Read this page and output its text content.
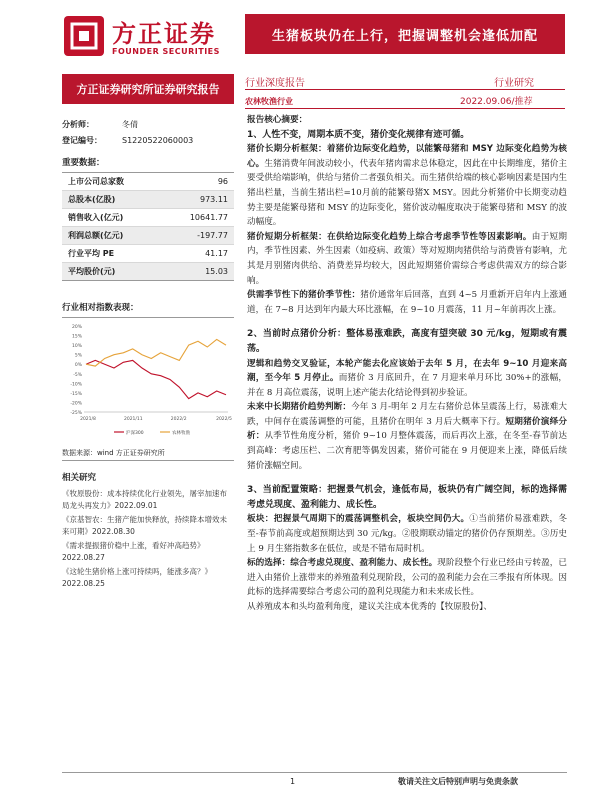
方正证券
FOUNDER SECURITIES
生猪板块仍在上行，把握调整机会逢低加配
方正证券研究所证券研究报告	行业深度报告	行业研究
农林牧渔行业	2022.09.06/推荐
分析师：	冬倩
登记编号：	S1220522060003
重要数据：
上市公司总家数	96
总股本(亿股)	973.11
销售收入(亿元)	10641.77
利润总额(亿元)	-197.77
行业平均 PE	41.17
平均股价(元)	15.03
行业相对指数表现：
20%
15%
10%
5%
0%
-5%
-10%
-15%
-20%
-25%
2021/8	2021/11	2022/2	2022/5
沪深300	农林牧渔
数据来源：wind 方正证券研究所
相关研究
《牧原股份：成本持续优化行业领先，屠宰加速布局龙头再发力》2022.09.01
《京基智农：生猪产能加快释放，持续降本增效未来可期》2022.08.30
《需求提振猪价稳中上涨，看好冲高趋势》2022.08.27
《这轮生猪价格上涨可持续吗，能涨多高？》2022.08.25

报告核心摘要：

1、人性不变，周期本质不变，猪价变化规律有迹可循。

猪价长期分析框架：着猪价边际变化趋势，以能繁母猪和 MSY 边际变化趋势为核心。生猪消费年间波动较小，代表年猪肉需求总体稳定，因此在中长期维度，猪价主要受供给端影响，供给与猪价二者强负相关。而生猪供给端的核心影响因素是国内生猪出栏量，当前生猪出栏=10月前的能繁母猪X MSY。因此分析猪价中长期变动趋势主要是能繁母猪和 MSY 的边际变化，猪价波动幅度取决于能繁母猪和 MSY 的波动幅度。

猪价短期分析框架：在供给边际变化趋势上综合考虑季节性等因素影响。由于短期内，季节性因素、外生因素（如疫病、政策）等对短期肉猪供给与消费皆有影响，尤其是月别猪肉供给、消费差异均较大，因此短期猪价需综合考虑供需双方的综合影响。

供需季节性下的猪价季节性：猪价通常年后回落，直到 4~5 月重新开启年内上涨通道，在 7~8 月达到年内最大环比涨幅，在 9~10 月震荡，11 月~年前再次上涨。

2、当前时点猪价分析：整体易涨难跌，高度有望突破 30 元/kg，短期或有震荡。

逻辑和趋势交叉验证，本轮产能去化应该始于去年 5 月，在去年 9~10 月迎来高潮，至今年 5 月停止。而猪价 3 月底回升，在 7 月迎来单月环比 30%+的涨幅，并在 8 月高位震荡，说明上述产能去化结论得到初步验证。

未来中长期猪价趋势判断：今年 3 月-明年 2 月左右猪价总体呈震荡上行，易涨难大跌，中间存在震荡调整的可能，且猪价在明年 3 月后大概率下行。短期猪价演绎分析：从季节性角度分析，猪价 9~10 月整体震荡，而后再次上涨，在冬至-春节前达到高峰：考虑压栏、二次育肥等偶发因素，猪价可能在 9 月便迎来上涨，降低后续猪价涨幅空间。

3、当前配置策略：把握景气机会，逢低布局，板块仍有广阔空间，标的选择需考虑兑现度、盈利能力、成长性。

板块：把握景气周期下的震荡调整机会，板块空间仍大。①当前猪价易涨难跌，冬至-春节前高度或超预期达到 30 元/kg。②股期联动锚定的猪价仍存预期差。③历史上 9 月生猪指数多在低位，或是不错布局时机。

标的选择：综合考虑兑现度、盈利能力、成长性。现阶段整个行业已经由亏转盈，已进入由猪价上涨带来的养殖盈利兑现阶段，公司的盈利能力会在三季报有所体现。因此标的选择需要综合考虑公司的盈利兑现能力和未来成长性。

从养殖成本和头均盈利角度，建议关注成本优秀的【牧原股份】、

1	敬请关注文后特别声明与免责条款
